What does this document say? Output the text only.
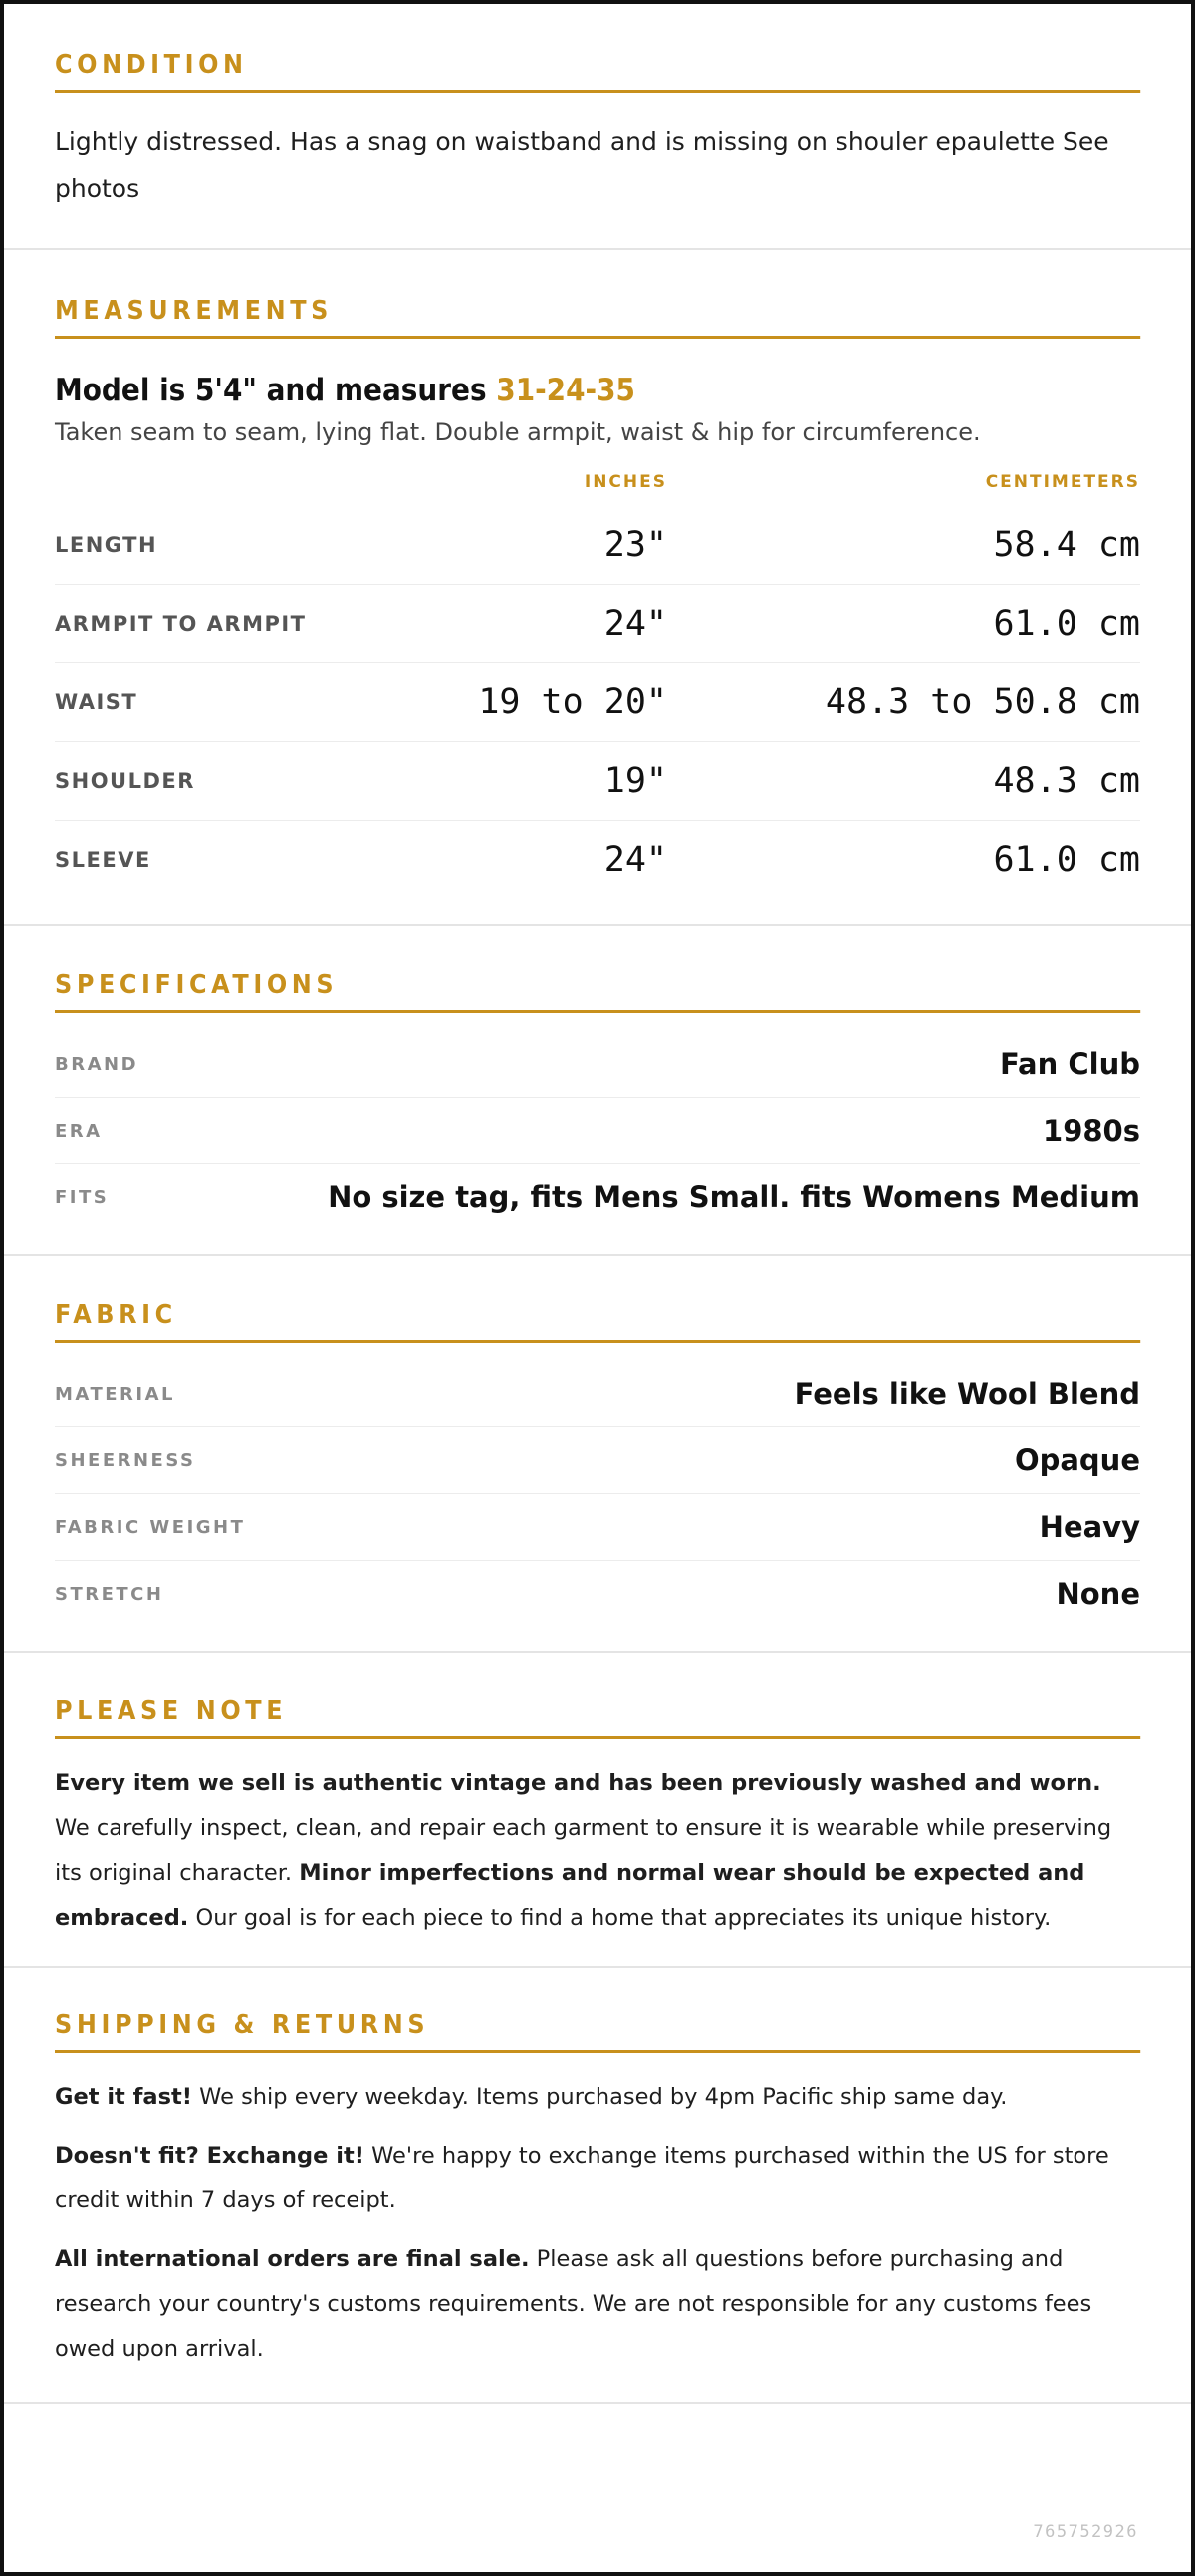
CONDITION

Lightly distressed. Has a snag on waistband and is missing on shouler epaulette See photos

MEASUREMENTS

Model is 5'4" and measures 31-24-35

Taken seam to seam, lying flat. Double armpit, waist & hip for circumference.

	INCHES	CENTIMETERS
LENGTH	23"	58.4 cm
ARMPIT TO ARMPIT	24"	61.0 cm
WAIST	19 to 20"	48.3 to 50.8 cm
SHOULDER	19"	48.3 cm
SLEEVE	24"	61.0 cm
SPECIFICATIONS
BRAND	Fan Club
ERA	1980s
FITS	No size tag, fits Mens Small. fits Womens Medium
FABRIC
MATERIAL	Feels like Wool Blend
SHEERNESS	Opaque
FABRIC WEIGHT	Heavy
STRETCH	None
PLEASE NOTE

Every item we sell is authentic vintage and has been previously washed and worn. We carefully inspect, clean, and repair each garment to ensure it is wearable while preserving its original character. Minor imperfections and normal wear should be expected and embraced. Our goal is for each piece to find a home that appreciates its unique history.

SHIPPING & RETURNS

Get it fast! We ship every weekday. Items purchased by 4pm Pacific ship same day.

Doesn't fit? Exchange it! We're happy to exchange items purchased within the US for store credit within 7 days of receipt.

All international orders are final sale. Please ask all questions before purchasing and research your country's customs requirements. We are not responsible for any customs fees owed upon arrival.

765752926
